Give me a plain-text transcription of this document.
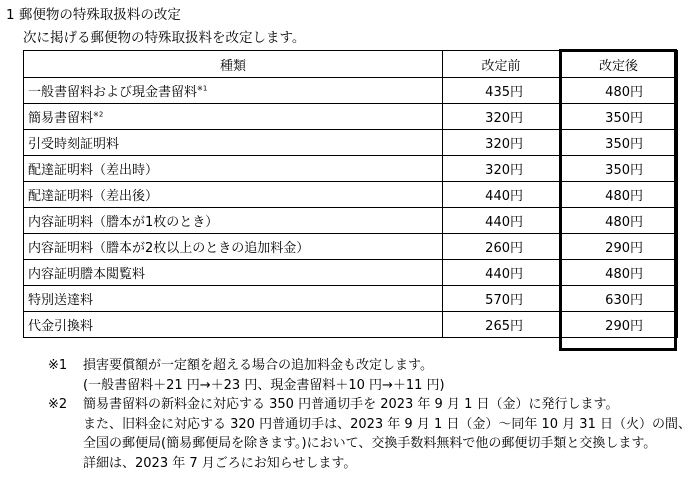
1 郵便物の特殊取扱料の改定
次に掲げる郵便物の特殊取扱料を改定します。
種類	改定前	改定後
一般書留料および現金書留料$^{※1}$	435円	480円
簡易書留料$^{※2}$	320円	350円
引受時刻証明料	320円	350円
配達証明料（差出時）	320円	350円
配達証明料（差出後）	440円	480円
内容証明料（謄本が1枚のとき）	440円	480円
内容証明料（謄本が2枚以上のときの追加料金）	260円	290円
内容証明謄本閲覧料	440円	480円
特別送達料	570円	630円
代金引換料	265円	290円
※1 損害要償額が一定額を超える場合の追加料金も改定します。
(一般書留料＋21 円→＋23 円、現金書留料＋10 円→＋11 円)
※2 簡易書留料の新料金に対応する 350 円普通切手を 2023 年 9 月 1 日（金）に発行します。
また、旧料金に対応する 320 円普通切手は、2023 年 9 月 1 日（金）～同年 10 月 31 日（火）の間、
全国の郵便局(簡易郵便局を除きます。)において、交換手数料無料で他の郵便切手類と交換します。
詳細は、2023 年 7 月ごろにお知らせします。
